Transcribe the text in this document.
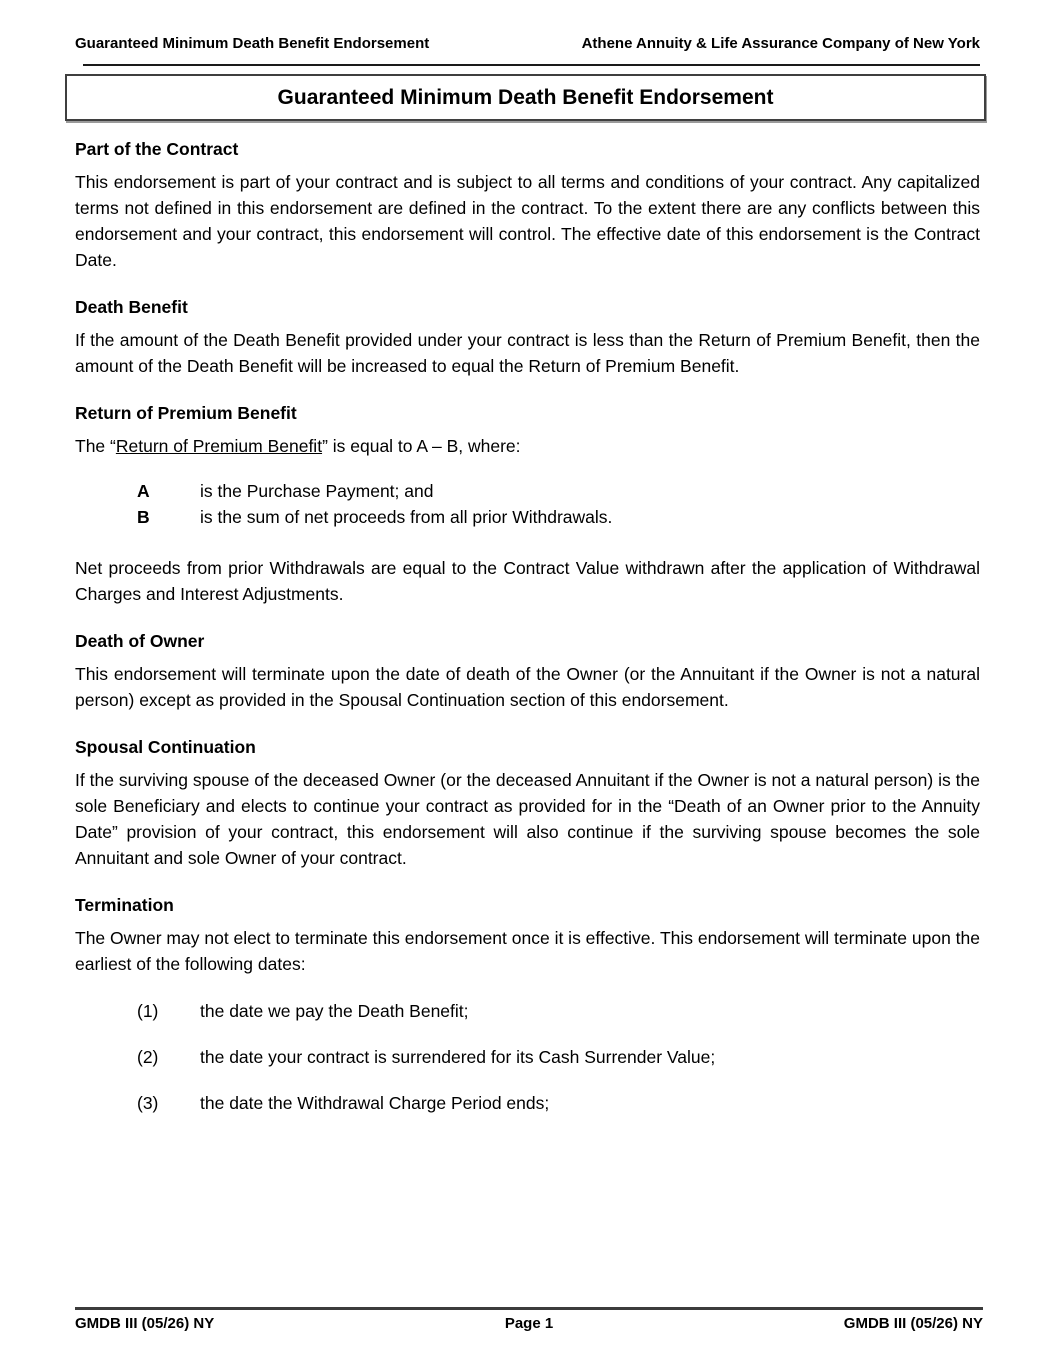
Guaranteed Minimum Death Benefit Endorsement	Athene Annuity & Life Assurance Company of New York
Guaranteed Minimum Death Benefit Endorsement
Part of the Contract

This endorsement is part of your contract and is subject to all terms and conditions of your contract. Any capitalized terms not defined in this endorsement are defined in the contract. To the extent there are any conflicts between this endorsement and your contract, this endorsement will control. The effective date of this endorsement is the Contract Date.

Death Benefit

If the amount of the Death Benefit provided under your contract is less than the Return of Premium Benefit, then the amount of the Death Benefit will be increased to equal the Return of Premium Benefit.

Return of Premium Benefit

The “Return of Premium Benefit” is equal to A – B, where:

A	is the Purchase Payment; and
B	is the sum of net proceeds from all prior Withdrawals.

Net proceeds from prior Withdrawals are equal to the Contract Value withdrawn after the application of Withdrawal Charges and Interest Adjustments.

Death of Owner

This endorsement will terminate upon the date of death of the Owner (or the Annuitant if the Owner is not a natural person) except as provided in the Spousal Continuation section of this endorsement.

Spousal Continuation

If the surviving spouse of the deceased Owner (or the deceased Annuitant if the Owner is not a natural person) is the sole Beneficiary and elects to continue your contract as provided for in the “Death of an Owner prior to the Annuity Date” provision of your contract, this endorsement will also continue if the surviving spouse becomes the sole Annuitant and sole Owner of your contract.

Termination

The Owner may not elect to terminate this endorsement once it is effective. This endorsement will terminate upon the earliest of the following dates:

(1)	the date we pay the Death Benefit;
(2)	the date your contract is surrendered for its Cash Surrender Value;
(3)	the date the Withdrawal Charge Period ends;
GMDB III (05/26) NY	Page 1	GMDB III (05/26) NY
